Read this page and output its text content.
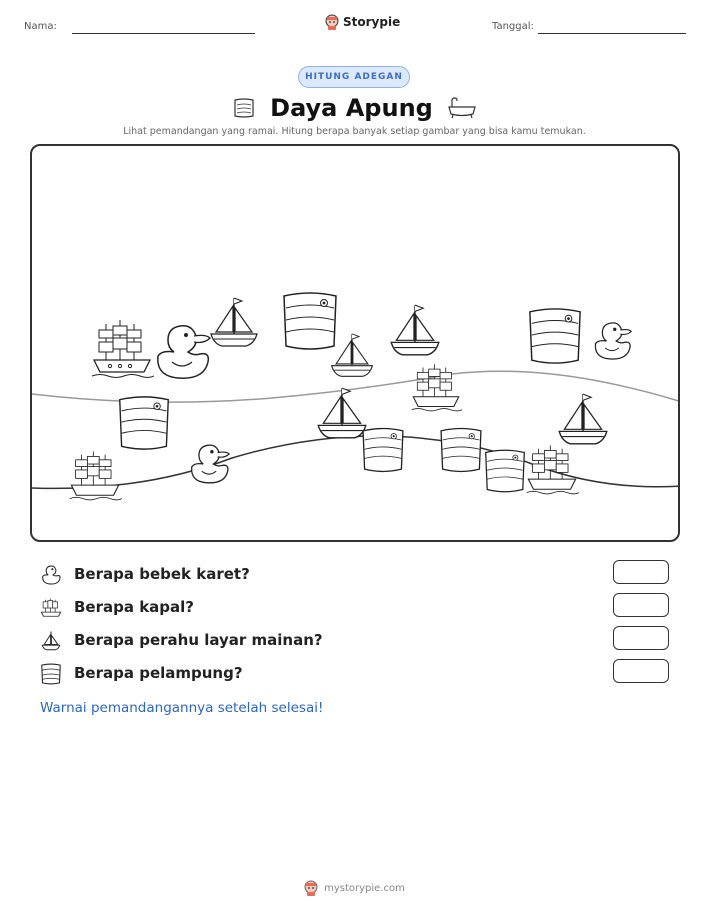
Nama:	Storypie	Tanggal:
HITUNG ADEGAN
Daya Apung
Lihat pemandangan yang ramai. Hitung berapa banyak setiap gambar yang bisa kamu temukan.
Berapa bebek karet?
Berapa kapal?
Berapa perahu layar mainan?
Berapa pelampung?
Warnai pemandangannya setelah selesai!
mystorypie.com
